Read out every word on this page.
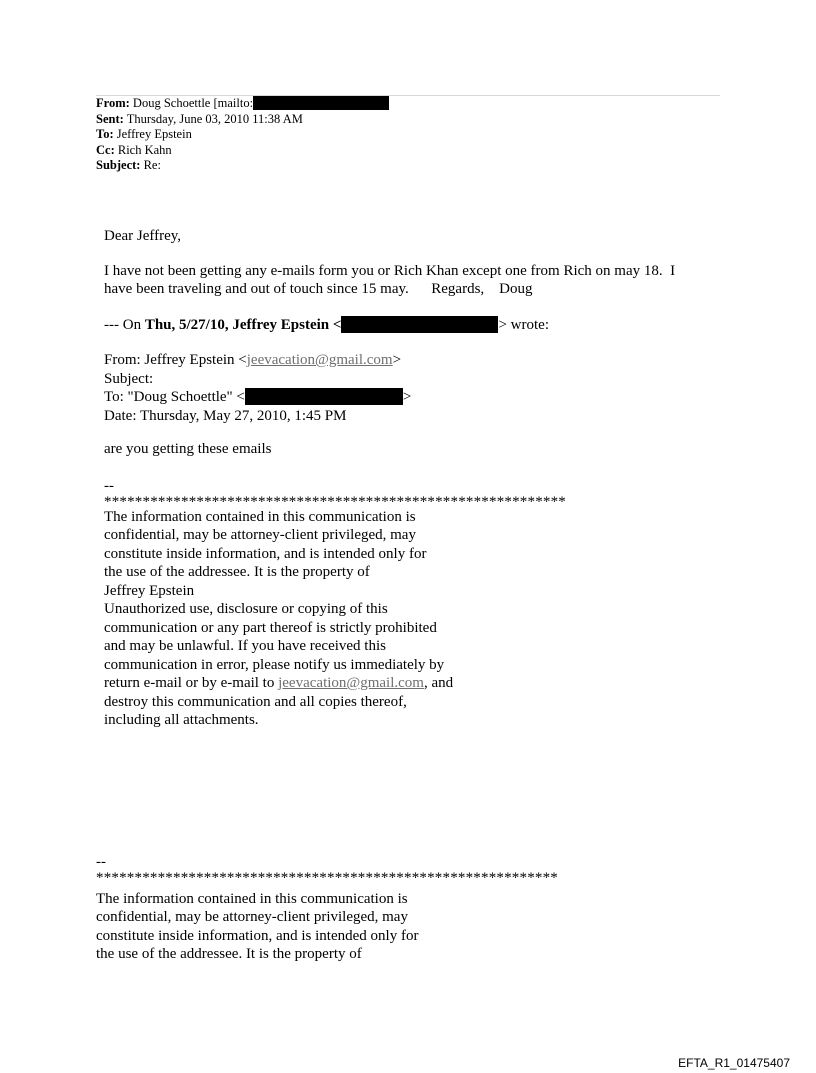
From: Doug Schoettle [mailto:
Sent: Thursday, June 03, 2010 11:38 AM
To: Jeffrey Epstein
Cc: Rich Kahn
Subject: Re:
Dear Jeffrey,
I have not been getting any e-mails form you or Rich Khan except one from Rich on may 18.  I
have been traveling and out of touch since 15 may.      Regards,    Doug
--- On Thu, 5/27/10, Jeffrey Epstein <	> wrote:
From: Jeffrey Epstein <jeevacation@gmail.com>
Subject:
To: "Doug Schoettle" <	>
Date: Thursday, May 27, 2010, 1:45 PM
are you getting these emails
--
************************************************************
The information contained in this communication is
confidential, may be attorney-client privileged, may
constitute inside information, and is intended only for
the use of the addressee. It is the property of
Jeffrey Epstein
Unauthorized use, disclosure or copying of this
communication or any part thereof is strictly prohibited
and may be unlawful. If you have received this
communication in error, please notify us immediately by
return e-mail or by e-mail to jeevacation@gmail.com, and
destroy this communication and all copies thereof,
including all attachments.
--
************************************************************
The information contained in this communication is
confidential, may be attorney-client privileged, may
constitute inside information, and is intended only for
the use of the addressee. It is the property of
EFTA_R1_01475407
